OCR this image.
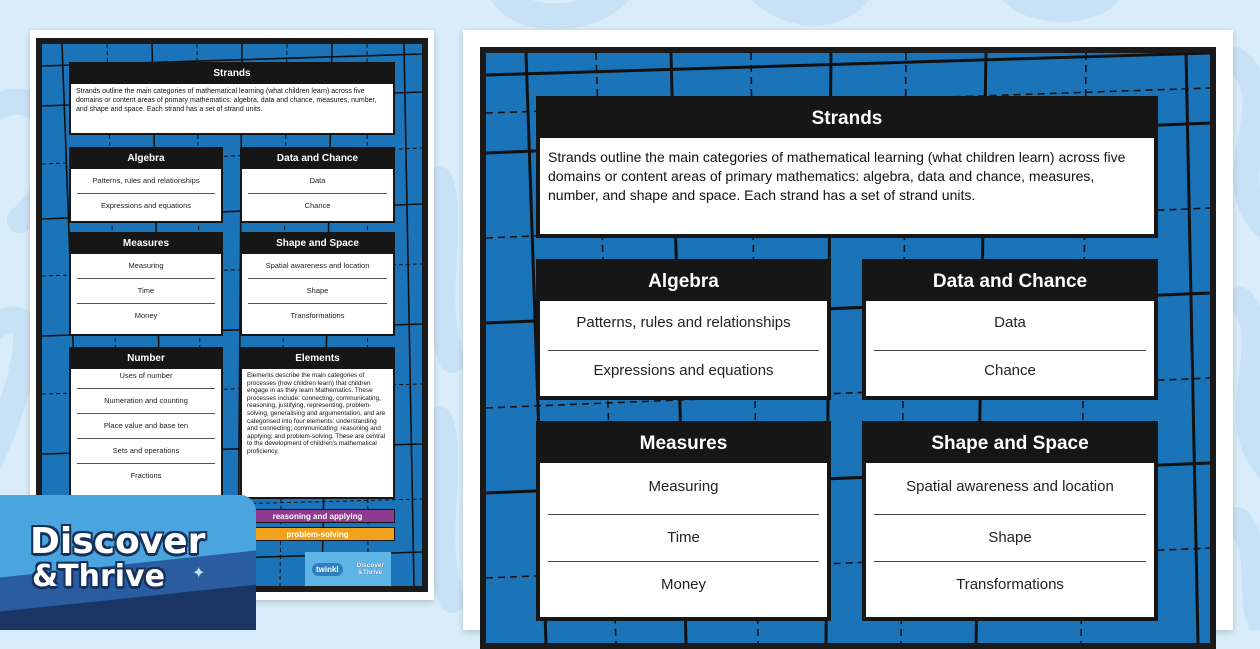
Strands
Strands outline the main categories of mathematical learning (what children learn) across five domains or content areas of primary mathematics: algebra, data and chance, measures, number, and shape and space. Each strand has a set of strand units.
Algebra
Patterns, rules and relationships
Expressions and equations
Data and Chance
Data
Chance
Measures
Measuring
Time
Money
Shape and Space
Spatial awareness and location
Shape
Transformations
Number
Uses of number
Numeration and counting
Place value and base ten
Sets and operations
Fractions
Elements
Elements describe the main categories of processes (how children learn) that children engage in as they learn Mathematics. These processes include: connecting, communicating, reasoning, justifying, representing, problem-solving, generalising and argumentation, and are categorised into four elements: understanding and connecting; communicating; reasoning and applying; and problem-solving. These are central to the development of children's mathematical proficiency.
reasoning and applying
problem-solving
twinkl	Discover
&Thrive
Strands
Strands outline the main categories of mathematical learning (what children learn) across five domains or content areas of primary mathematics: algebra, data and chance, measures, number, and shape and space. Each strand has a set of strand units.
Algebra
Patterns, rules and relationships
Expressions and equations
Data and Chance
Data
Chance
Measures
Measuring
Time
Money
Shape and Space
Spatial awareness and location
Shape
Transformations
Discover
&Thrive ✦
